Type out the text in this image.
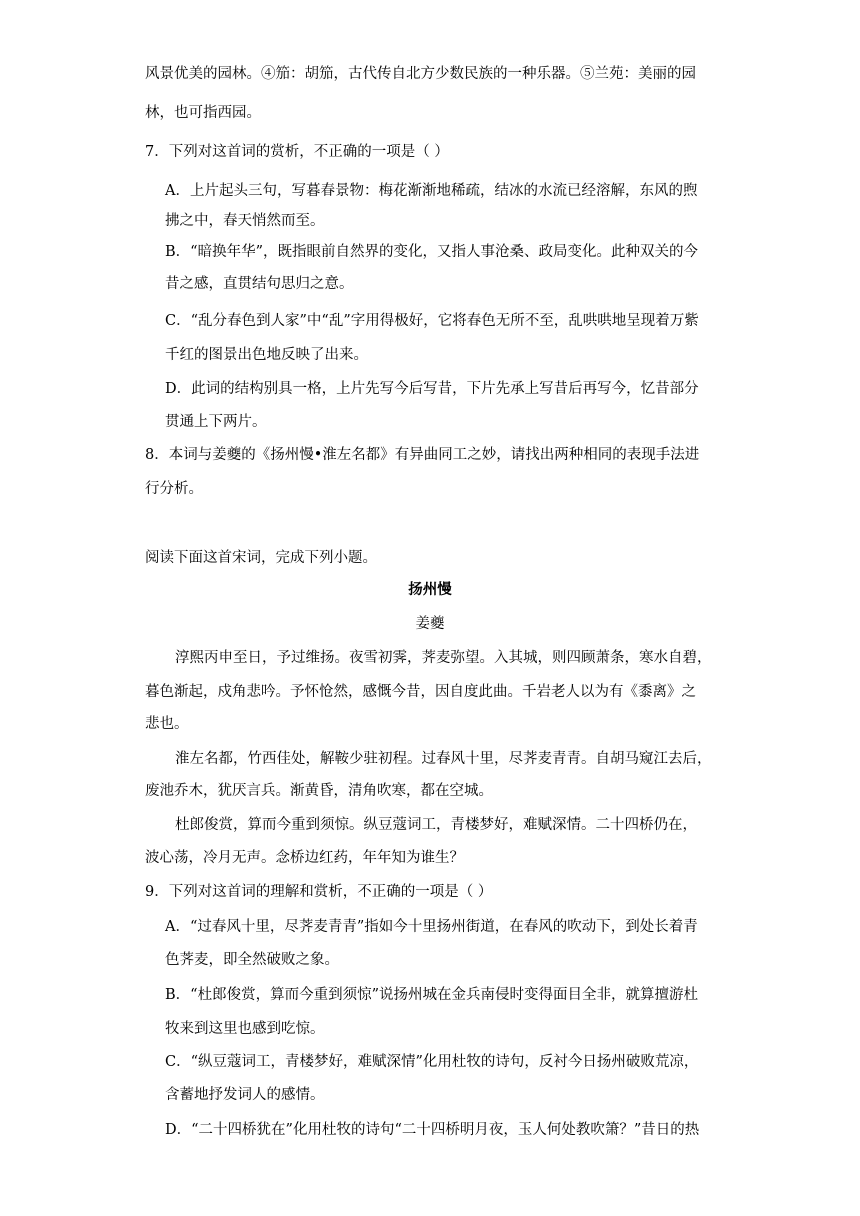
风景优美的园林。④笳：胡笳，古代传自北方少数民族的一种乐器。⑤兰苑：美丽的园
林，也可指西园。
7．下列对这首词的赏析，不正确的一项是（ ）
A．上片起头三句，写暮春景物：梅花渐渐地稀疏，结冰的水流已经溶解，东风的煦
拂之中，春天悄然而至。
B．“暗换年华”，既指眼前自然界的变化，又指人事沧桑、政局变化。此种双关的今
昔之感，直贯结句思归之意。
C．“乱分春色到人家”中“乱”字用得极好，它将春色无所不至，乱哄哄地呈现着万紫
千红的图景出色地反映了出来。
D．此词的结构别具一格，上片先写今后写昔，下片先承上写昔后再写今，忆昔部分
贯通上下两片。
8．本词与姜夔的《扬州慢•淮左名都》有异曲同工之妙，请找出两种相同的表现手法进
行分析。
阅读下面这首宋词，完成下列小题。
扬州慢
姜夔
淳熙丙申至日，予过维扬。夜雪初霁，荠麦弥望。入其城，则四顾萧条，寒水自碧，
暮色渐起，戍角悲吟。予怀怆然，感慨今昔，因自度此曲。千岩老人以为有《黍离》之
悲也。
淮左名都，竹西佳处，解鞍少驻初程。过春风十里，尽荠麦青青。自胡马窥江去后，
废池乔木，犹厌言兵。渐黄昏，清角吹寒，都在空城。
杜郎俊赏，算而今重到须惊。纵豆蔻词工，青楼梦好，难赋深情。二十四桥仍在，
波心荡，冷月无声。念桥边红药，年年知为谁生？
9．下列对这首词的理解和赏析，不正确的一项是（ ）
A．“过春风十里，尽荠麦青青”指如今十里扬州街道，在春风的吹动下，到处长着青
色荠麦，即全然破败之象。
B．“杜郎俊赏，算而今重到须惊”说扬州城在金兵南侵时变得面目全非，就算擅游杜
牧来到这里也感到吃惊。
C．“纵豆蔻词工，青楼梦好，难赋深情”化用杜牧的诗句，反衬今日扬州破败荒凉，
含蓄地抒发词人的感情。
D．“二十四桥犹在”化用杜牧的诗句“二十四桥明月夜，玉人何处教吹箫？”昔日的热
